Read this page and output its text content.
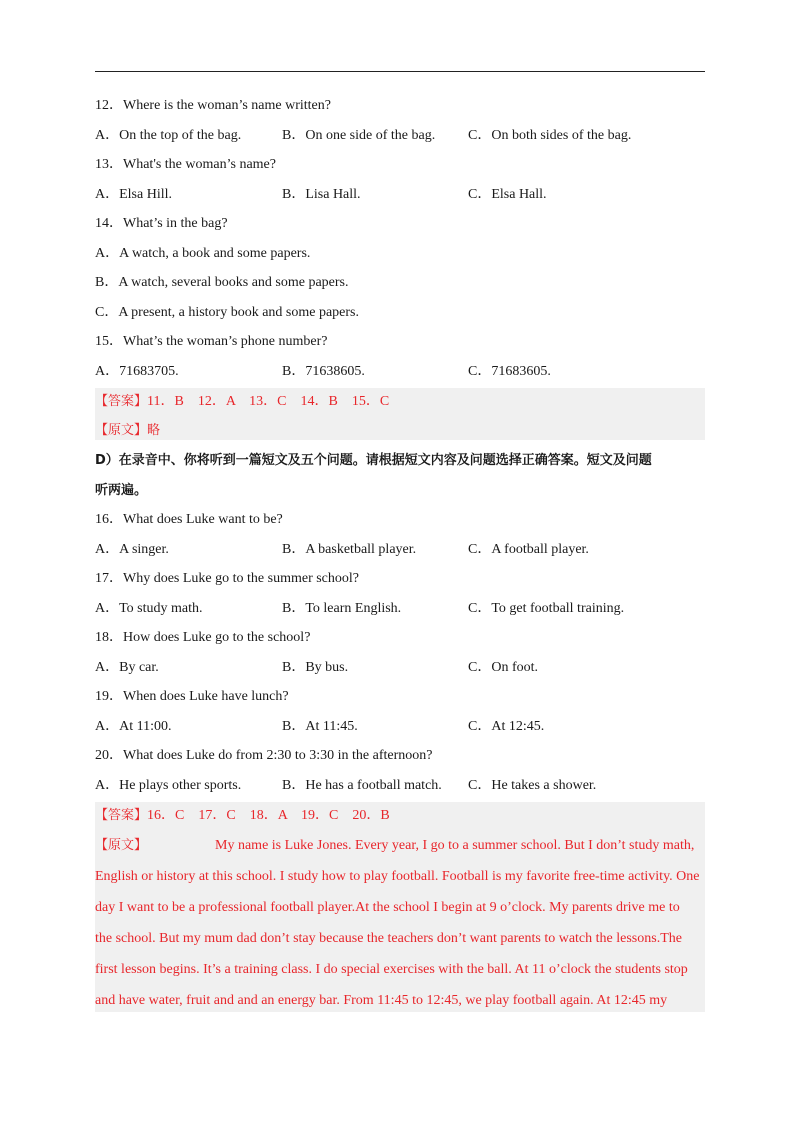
12．Where is the woman’s name written?
A．On the top of the bag.	B．On one side of the bag. C．On both sides of the bag.
13．What's the woman’s name?
A．Elsa Hill.	B．Lisa Hall.	C．Elsa Hall.
14．What’s in the bag?
A．A watch, a book and some papers.
B．A watch, several books and some papers.
C．A present, a history book and some papers.
15．What’s the woman’s phone number?
A．71683705.	B．71638605.	C．71683605.
【答案】11．B　12．A　13．C　14．B　15．C
【原文】略
D）在录音中、你将听到一篇短文及五个问题。请根据短文内容及问题选择正确答案。短文及问题
听两遍。
16．What does Luke want to be?
A．A singer.	B．A basketball player.	C．A football player.
17．Why does Luke go to the summer school?
A．To study math.	B．To learn English.	C．To get football training.
18．How does Luke go to the school?
A．By car.	B．By bus.	C．On foot.
19．When does Luke have lunch?
A．At 11:00.	B．At 11:45.	C．At 12:45.
20．What does Luke do from 2:30 to 3:30 in the afternoon?
A．He plays other sports.	B．He has a football match. C．He takes a shower.
【答案】16．C　17．C　18．A　19．C　20．B
【原文】	My name is Luke Jones. Every year, I go to a summer school. But I don’t study math,
English or history at this school. I study how to play football. Football is my favorite free-time activity. One
day I want to be a professional football player.At the school I begin at 9 o’clock. My parents drive me to
the school. But my mum dad don’t stay because the teachers don’t want parents to watch the lessons.The
first lesson begins. It’s a training class. I do special exercises with the ball. At 11 o’clock the students stop
and have water, fruit and and an energy bar. From 11:45 to 12:45, we play football again. At 12:45 my
